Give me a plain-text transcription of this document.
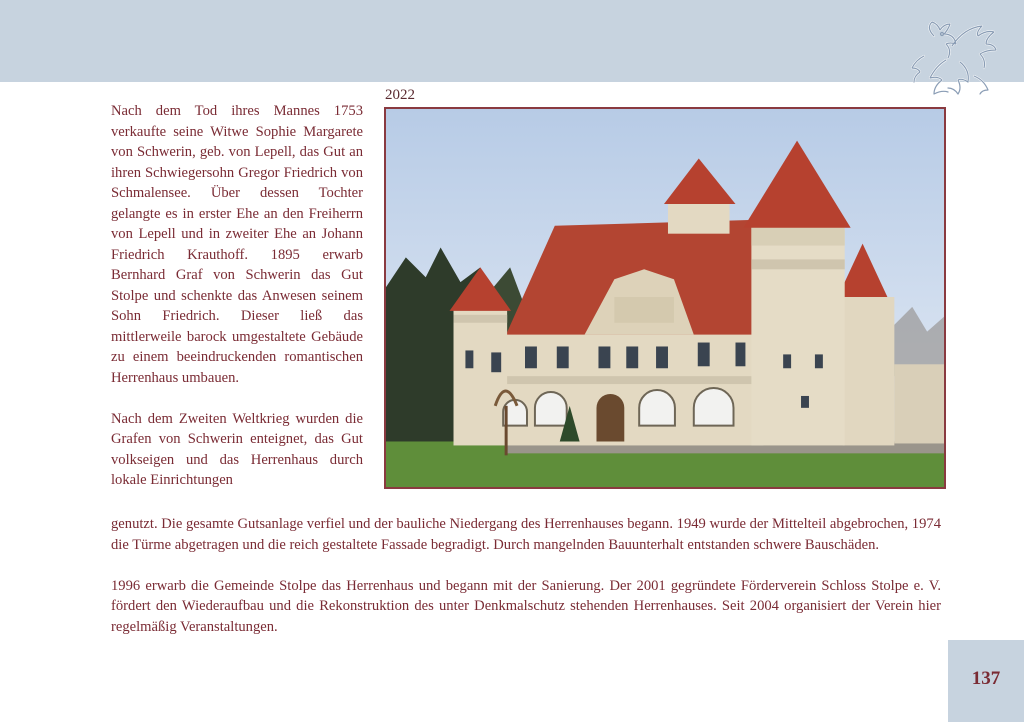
2022

Nach dem Tod ihres Mannes 1753 verkaufte seine Witwe Sophie Margarete von Schwerin, geb. von Lepell, das Gut an ihren Schwiegersohn Gregor Friedrich von Schmalensee. Über dessen Tochter gelangte es in erster Ehe an den Freiherrn von Lepell und in zweiter Ehe an Johann Friedrich Krauthoff. 1895 erwarb Bernhard Graf von Schwerin das Gut Stolpe und schenkte das Anwesen seinem Sohn Friedrich. Dieser ließ das mittlerweile barock umgestaltete Gebäude zu einem beeindruckenden romantischen Herrenhaus umbauen.

Nach dem Zweiten Weltkrieg wurden die Grafen von Schwerin enteignet, das Gut volkseigen und das Herrenhaus durch lokale Einrichtungen

genutzt. Die gesamte Gutsanlage verfiel und der bauliche Niedergang des Herrenhauses begann. 1949 wurde der Mittelteil abgebrochen, 1974 die Türme abgetragen und die reich gestaltete Fassade begradigt. Durch mangelnden Bauunterhalt entstanden schwere Bauschäden.

1996 erwarb die Gemeinde Stolpe das Herrenhaus und begann mit der Sanierung. Der 2001 gegründete Förderverein Schloss Stolpe e. V. fördert den Wiederaufbau und die Rekonstruktion des unter Denkmalschutz stehenden Herrenhauses. Seit 2004 organisiert der Verein hier regelmäßig Veranstaltungen.

137
